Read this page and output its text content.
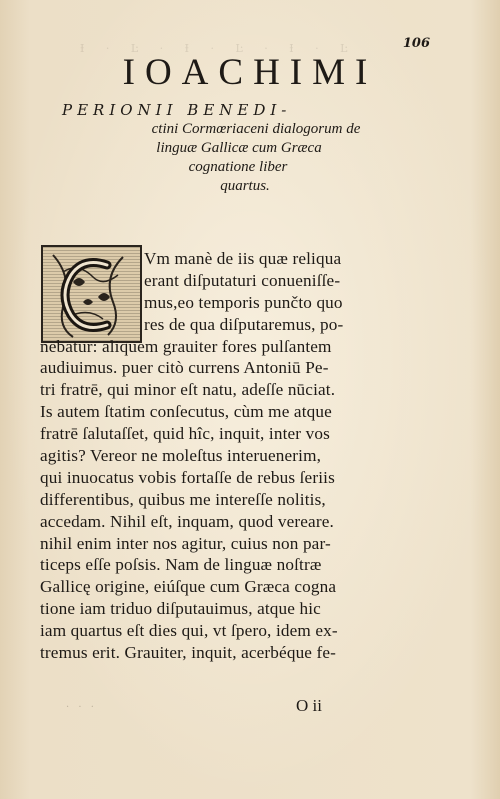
Ɨ · Ŀ · Ɨ · Ŀ · Ɨ · Ŀ	106
IOACHIMI
PERIONII BENEDI-
ctini Cormœriaceni dialogorum de
linguæ Gallicæ cum Græca
cognatione liber
quartus.
Vm manè de iis quæ reliqua
erant diſputaturi conueniſſe-
mus,eo temporis punčto quo
res de qua diſputaremus, po-
nebatur: aliquem grauiter fores pulſantem
audiuimus. puer citò currens Antoniū Pe-
tri fratrē, qui minor eſt natu, adeſſe nūciat.
Is autem ſtatim conſecutus, cùm me atque
fratrē ſalutaſſet, quid hîc, inquit, inter vos
agitis? Vereor ne moleſtus interuenerim,
qui inuocatus vobis fortaſſe de rebus ſeriis
differentibus, quibus me intereſſe nolitis,
accedam. Nihil eſt, inquam, quod vereare.
nihil enim inter nos agitur, cuius non par-
ticeps eſſe poſsis. Nam de linguæ noſtræ
Gallicę origine, eiúſque cum Græca cogna
tione iam triduo diſputauimus, atque hic
iam quartus eſt dies qui, vt ſpero, idem ex-
tremus erit. Grauiter, inquit, acerbéque fe-
· · ·	O ii
